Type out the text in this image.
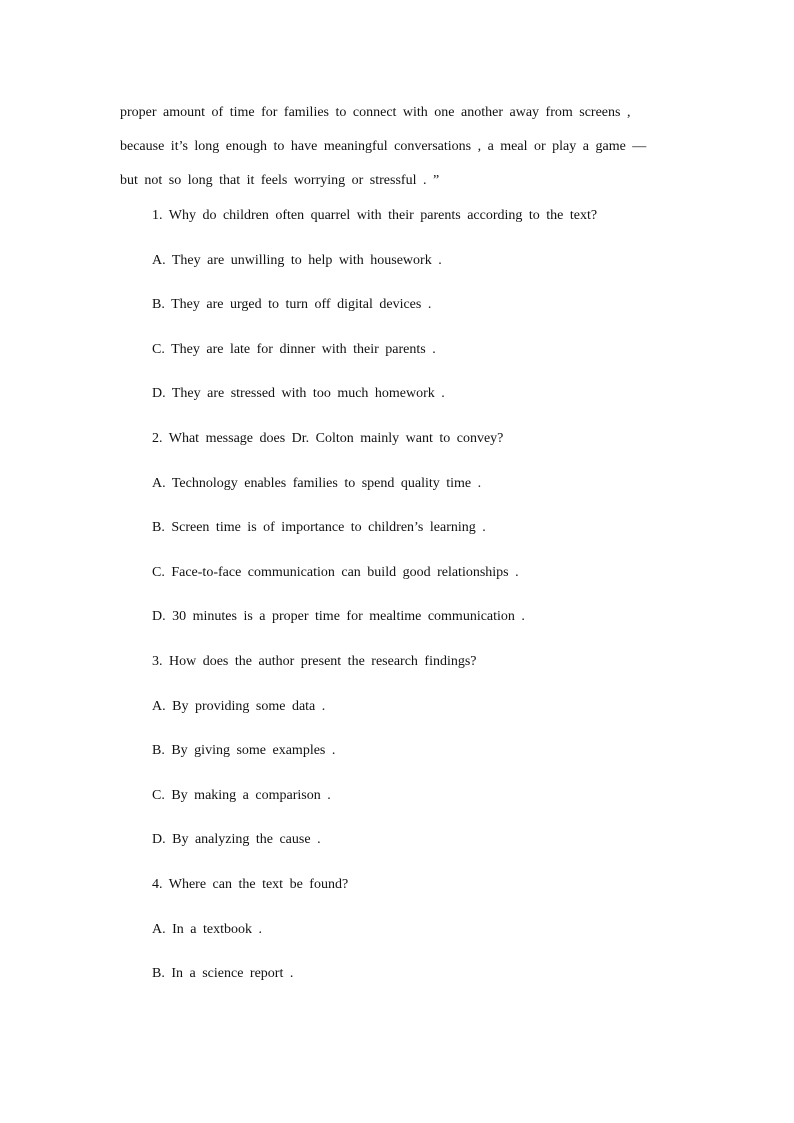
proper amount of time for families to connect with one another away from screens ,
because it’s long enough to have meaningful conversations , a meal or play a game —
but not so long that it feels worrying or stressful . ”
1. Why do children often quarrel with their parents according to the text?
A. They are unwilling to help with housework .
B. They are urged to turn off digital devices .
C. They are late for dinner with their parents .
D. They are stressed with too much homework .
2. What message does Dr. Colton mainly want to convey?
A. Technology enables families to spend quality time .
B. Screen time is of importance to children’s learning .
C. Face-to-face communication can build good relationships .
D. 30 minutes is a proper time for mealtime communication .
3. How does the author present the research findings?
A. By providing some data .
B. By giving some examples .
C. By making a comparison .
D. By analyzing the cause .
4. Where can the text be found?
A. In a textbook .
B. In a science report .
